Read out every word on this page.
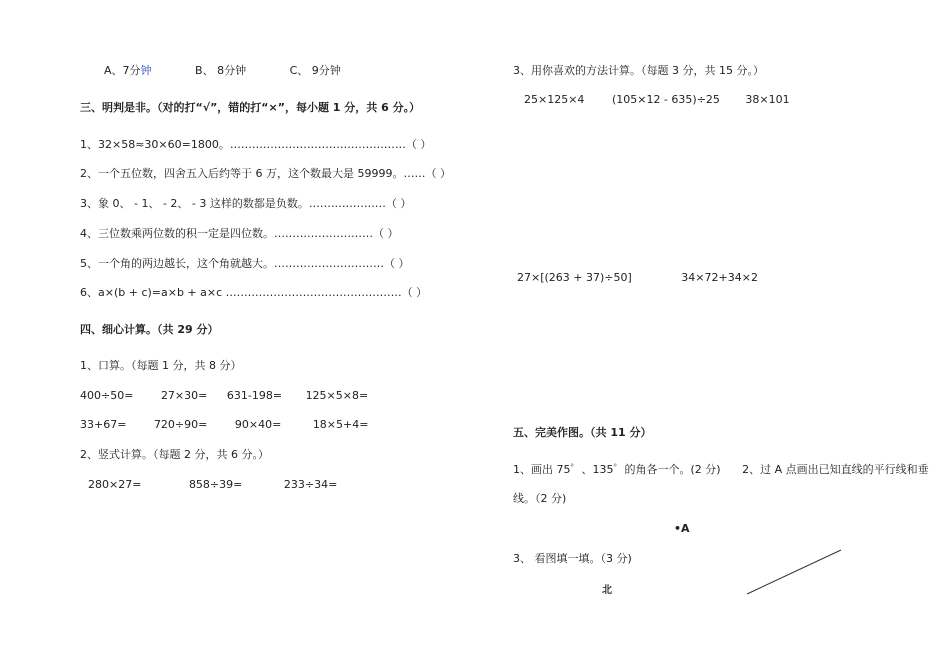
A、7分钟	B、 8分钟	C、 9分钟
三、明判是非。（对的打“√”，错的打“×”，每小题 1 分，共 6 分。）
1、32×58≈30×60=1800。…………………………………………（ ）
2、一个五位数，四舍五入后约等于 6 万，这个数最大是 59999。……（ ）
3、象 0、 - 1、 - 2、 - 3 这样的数都是负数。…………………（ ）
4、三位数乘两位数的积一定是四位数。………………………（ ）
5、一个角的两边越长，这个角就越大。…………………………（ ）
6、a×(b + c)=a×b + a×c …………………………………………（ ）
四、细心计算。（共 29 分）
1、口算。（每题 1 分，共 8 分）
400÷50=	27×30= 631-198= 125×5×8=
33+67=	720÷90=	90×40=	18×5+4=
2、竖式计算。（每题 2 分，共 6 分。）
280×27=	858÷39=	233÷34=
3、用你喜欢的方法计算。（每题 3 分，共 15 分。）
25×125×4	(105×12 - 635)÷25 38×101
27×[(263 + 37)÷50]	34×72+34×2
五、完美作图。（共 11 分）
1、画出 75゜、135゜的角各一个。(2 分) 2、过 A 点画出已知直线的平行线和垂
线。（2 分)
•A
3、 看图填一填。（3 分)
北
